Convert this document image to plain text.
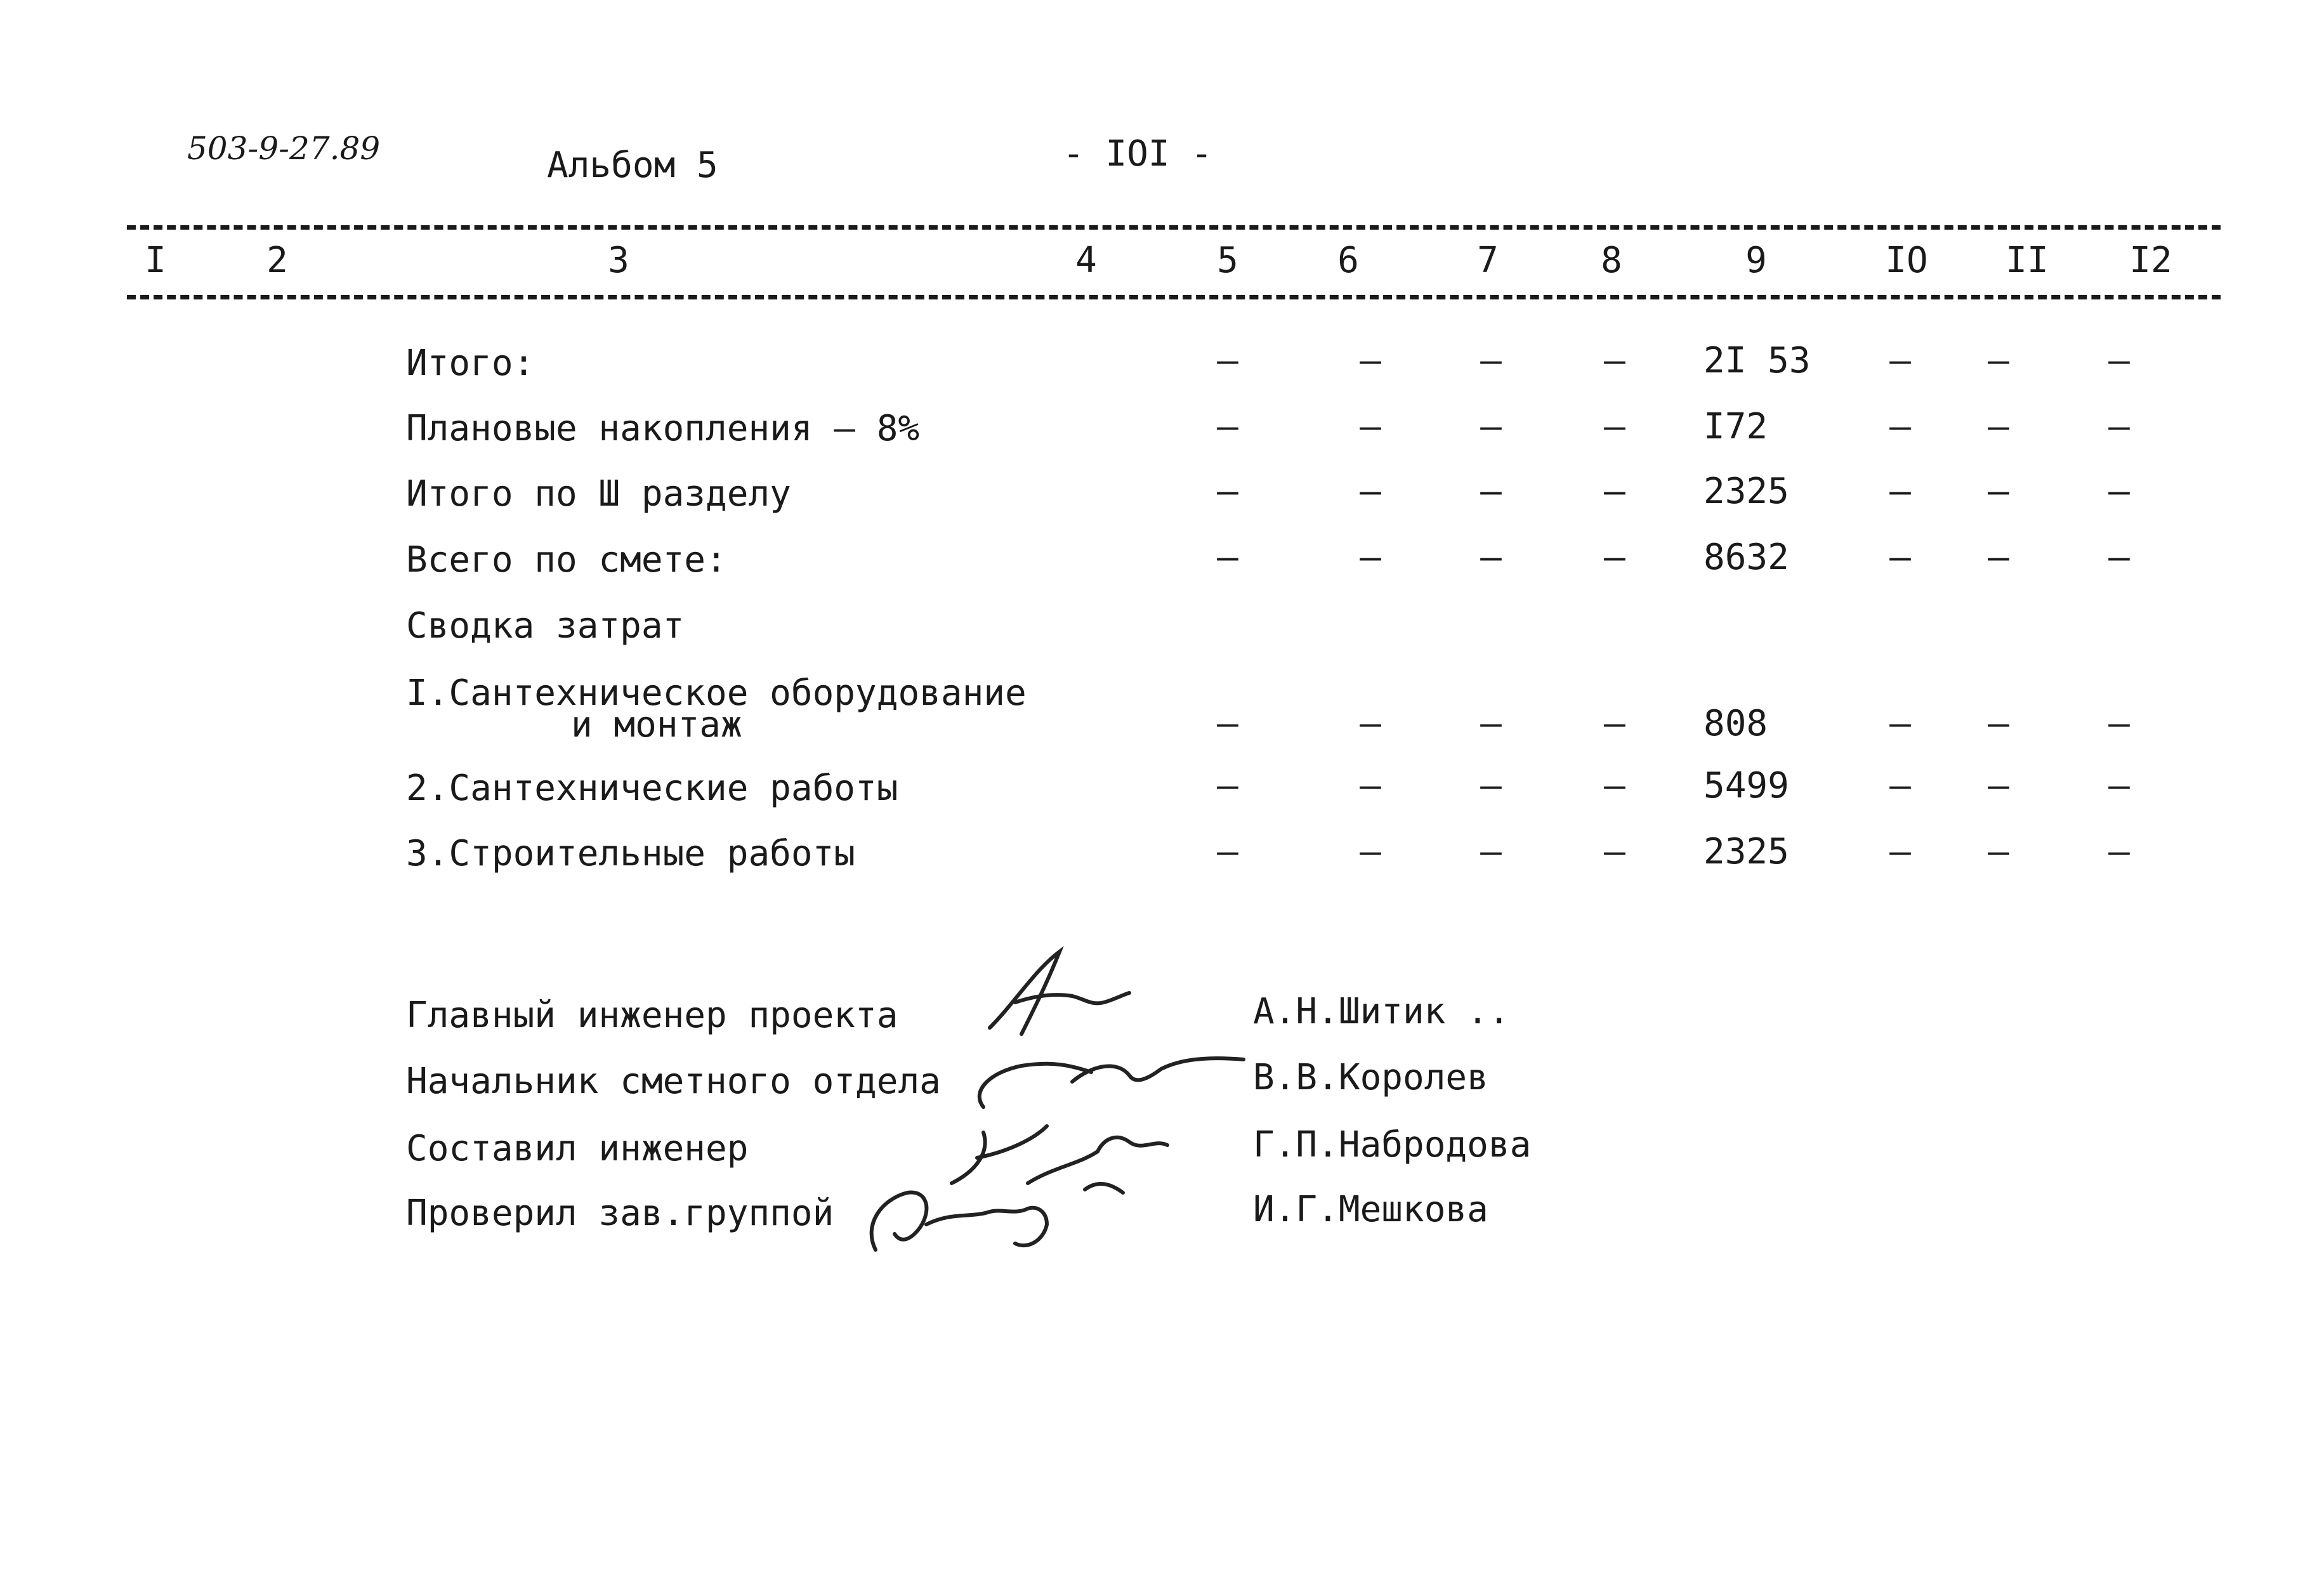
503-9-27.89	Альбом 5	- IOI -
I	2	3	4	5	6	7	8	9	IO II I2
Итого:	–	–	–	–	2I 53	–	–	–
Плановые накопления – 8%	–	–	–	–	I72	–	–	–
Итого по Ш разделу	–	–	–	–	2325	–	–	–
Всего по смете:	–	–	–	–	8632	–	–	–
Сводка затрат
I.Сантехническое оборудование
и монтаж	–	–	–	–	808	–	–	–
2.Сантехнические работы	–	–	–	–	5499	–	–	–
3.Строительные работы	–	–	–	–	2325	–	–	–
Главный инженер проекта	А.Н.Шитик ..
Начальник сметного отдела	В.В.Королев
Составил инженер	Г.П.Набродова
Проверил зав.группой	И.Г.Мешкова
